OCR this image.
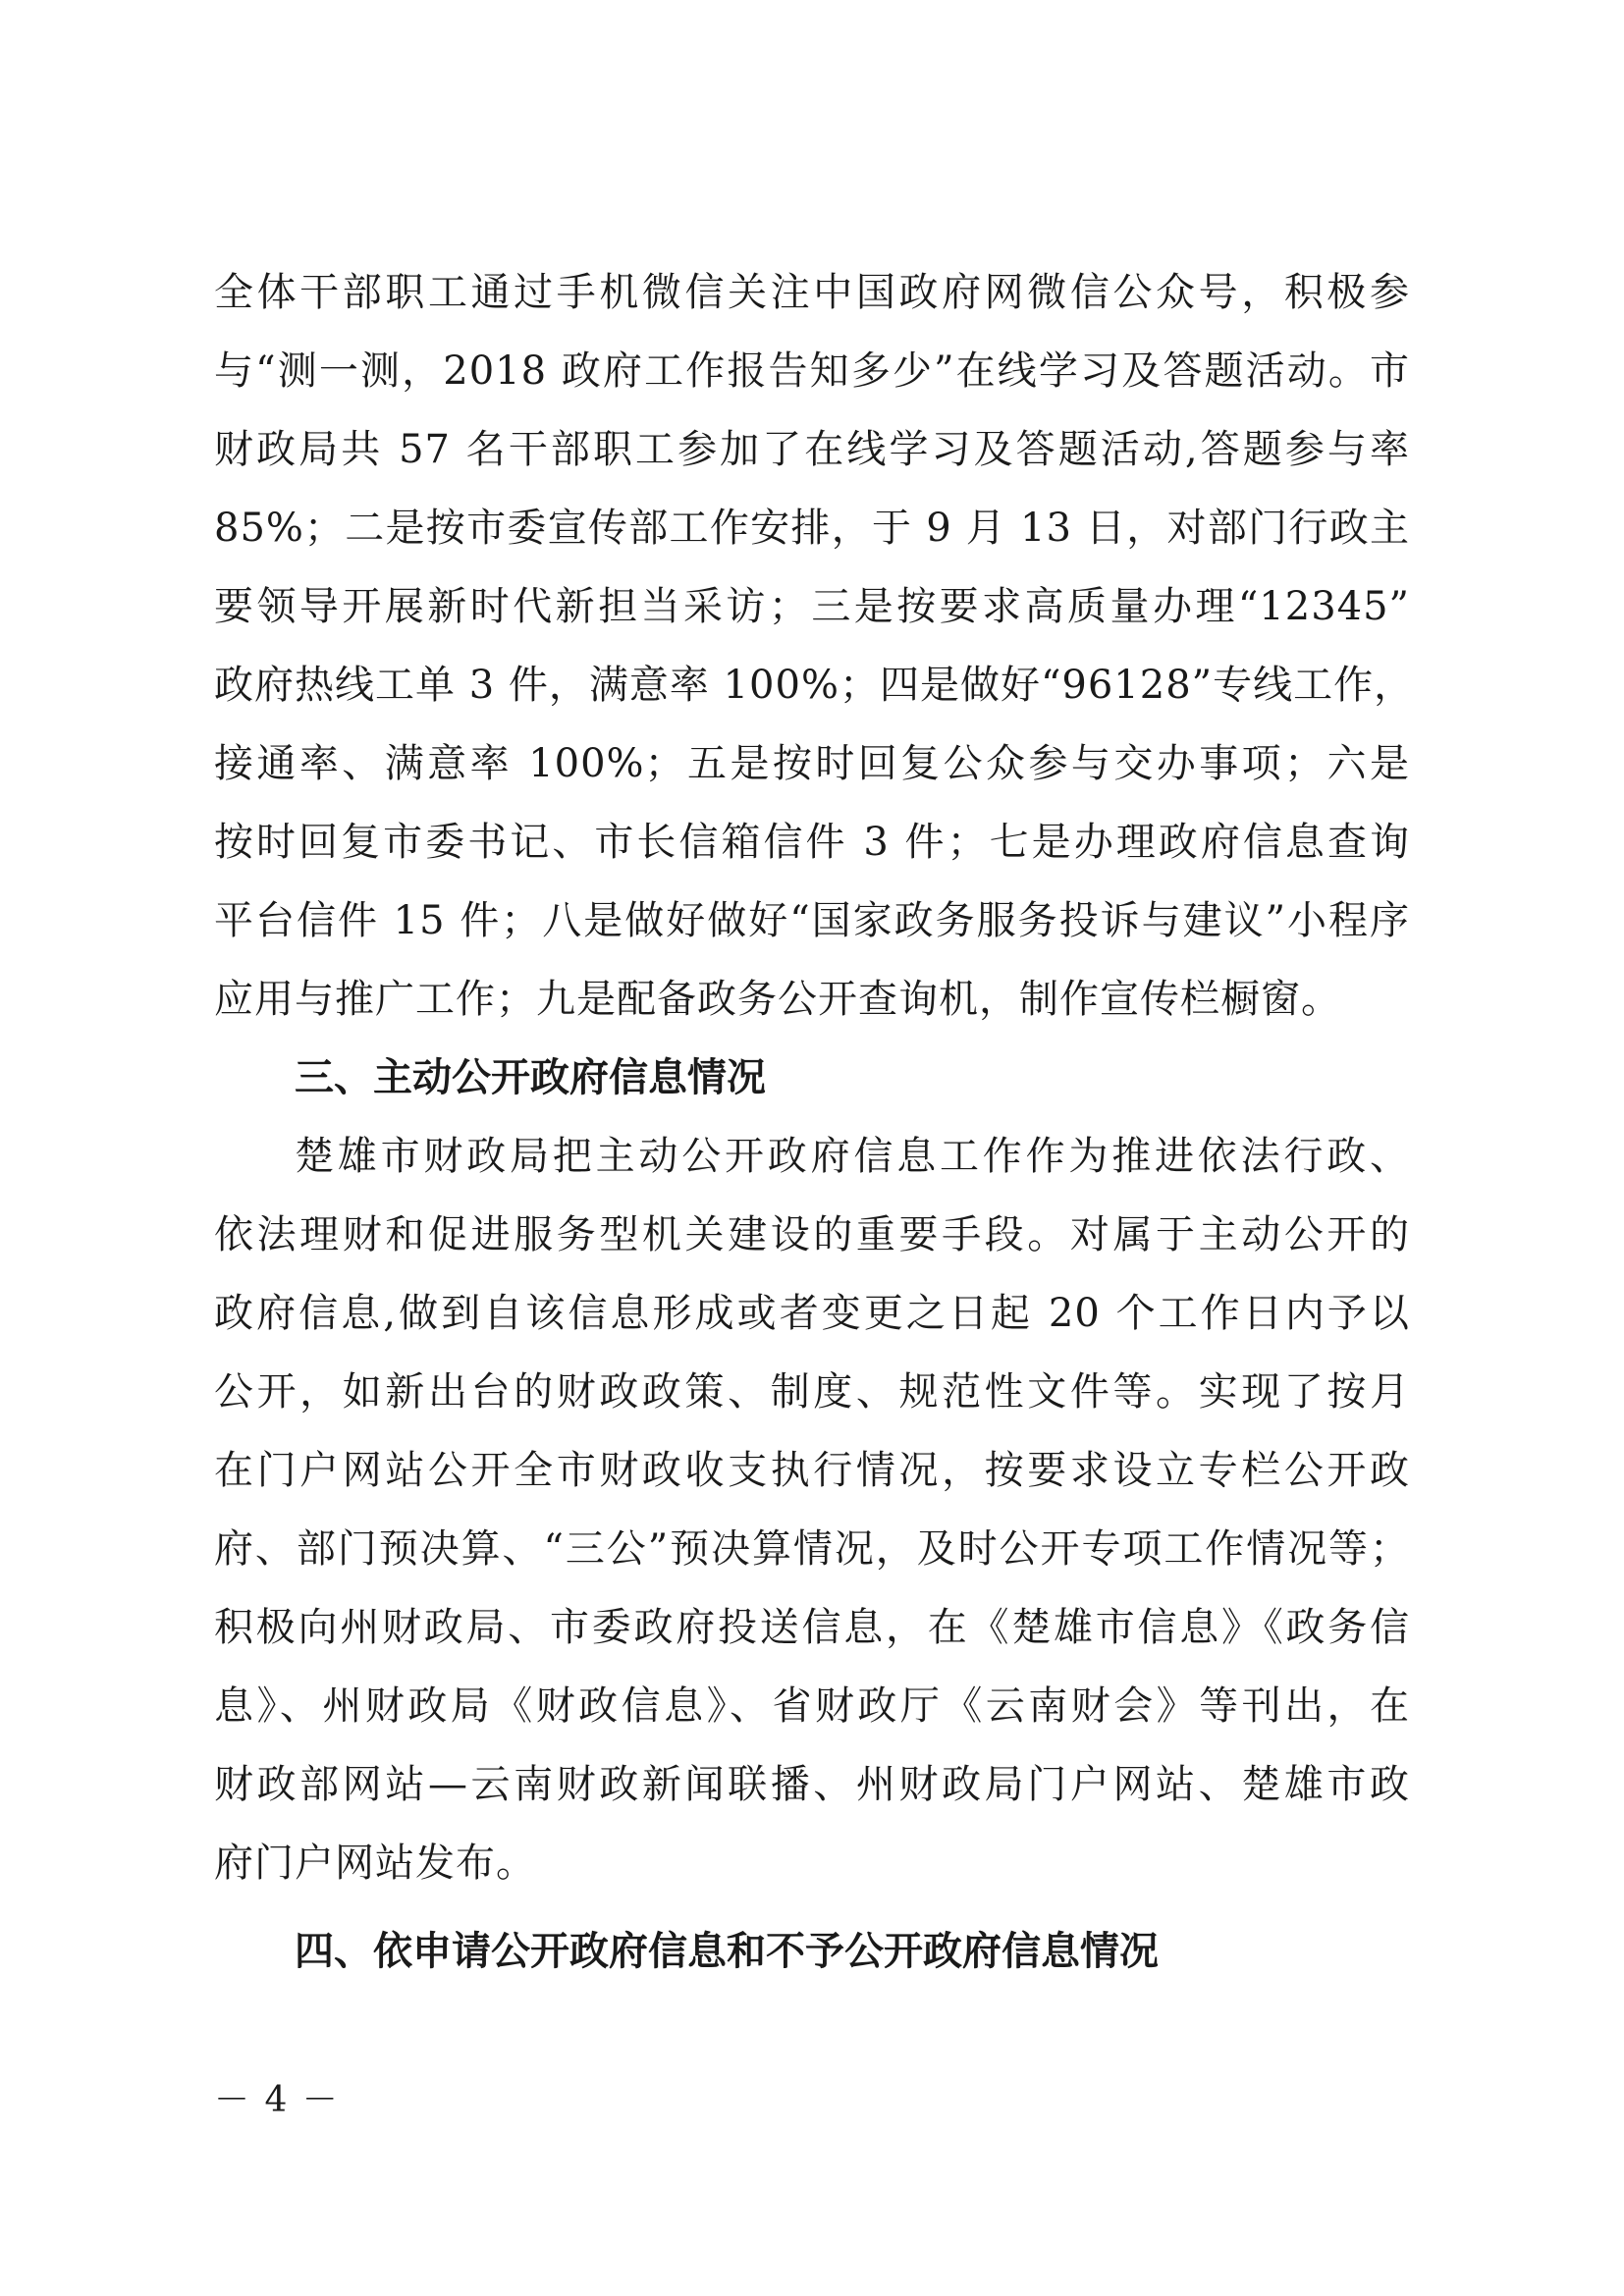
全体干部职工通过手机微信关注中国政府网微信公众号，积极参
与“测一测，2018 政府工作报告知多少”在线学习及答题活动。市
财政局共 57 名干部职工参加了在线学习及答题活动,答题参与率
85%；二是按市委宣传部工作安排，于 9 月 13 日，对部门行政主
要领导开展新时代新担当采访；三是按要求高质量办理“12345”
政府热线工单 3 件，满意率 100%；四是做好“96128”专线工作，
接通率、满意率 100%；五是按时回复公众参与交办事项；六是
按时回复市委书记、市长信箱信件 3 件；七是办理政府信息查询
平台信件 15 件；八是做好做好“国家政务服务投诉与建议”小程序
应用与推广工作；九是配备政务公开查询机，制作宣传栏橱窗。
三、主动公开政府信息情况
楚雄市财政局把主动公开政府信息工作作为推进依法行政、
依法理财和促进服务型机关建设的重要手段。对属于主动公开的
政府信息,做到自该信息形成或者变更之日起 20 个工作日内予以
公开，如新出台的财政政策、制度、规范性文件等。实现了按月
在门户网站公开全市财政收支执行情况，按要求设立专栏公开政
府、部门预决算、“三公”预决算情况，及时公开专项工作情况等；
积极向州财政局、市委政府投送信息，在《楚雄市信息》《政务信
息》、州财政局《财政信息》、省财政厅《云南财会》等刊出，在
财政部网站—云南财政新闻联播、州财政局门户网站、楚雄市政
府门户网站发布。
四、依申请公开政府信息和不予公开政府信息情况
－ 4 －
